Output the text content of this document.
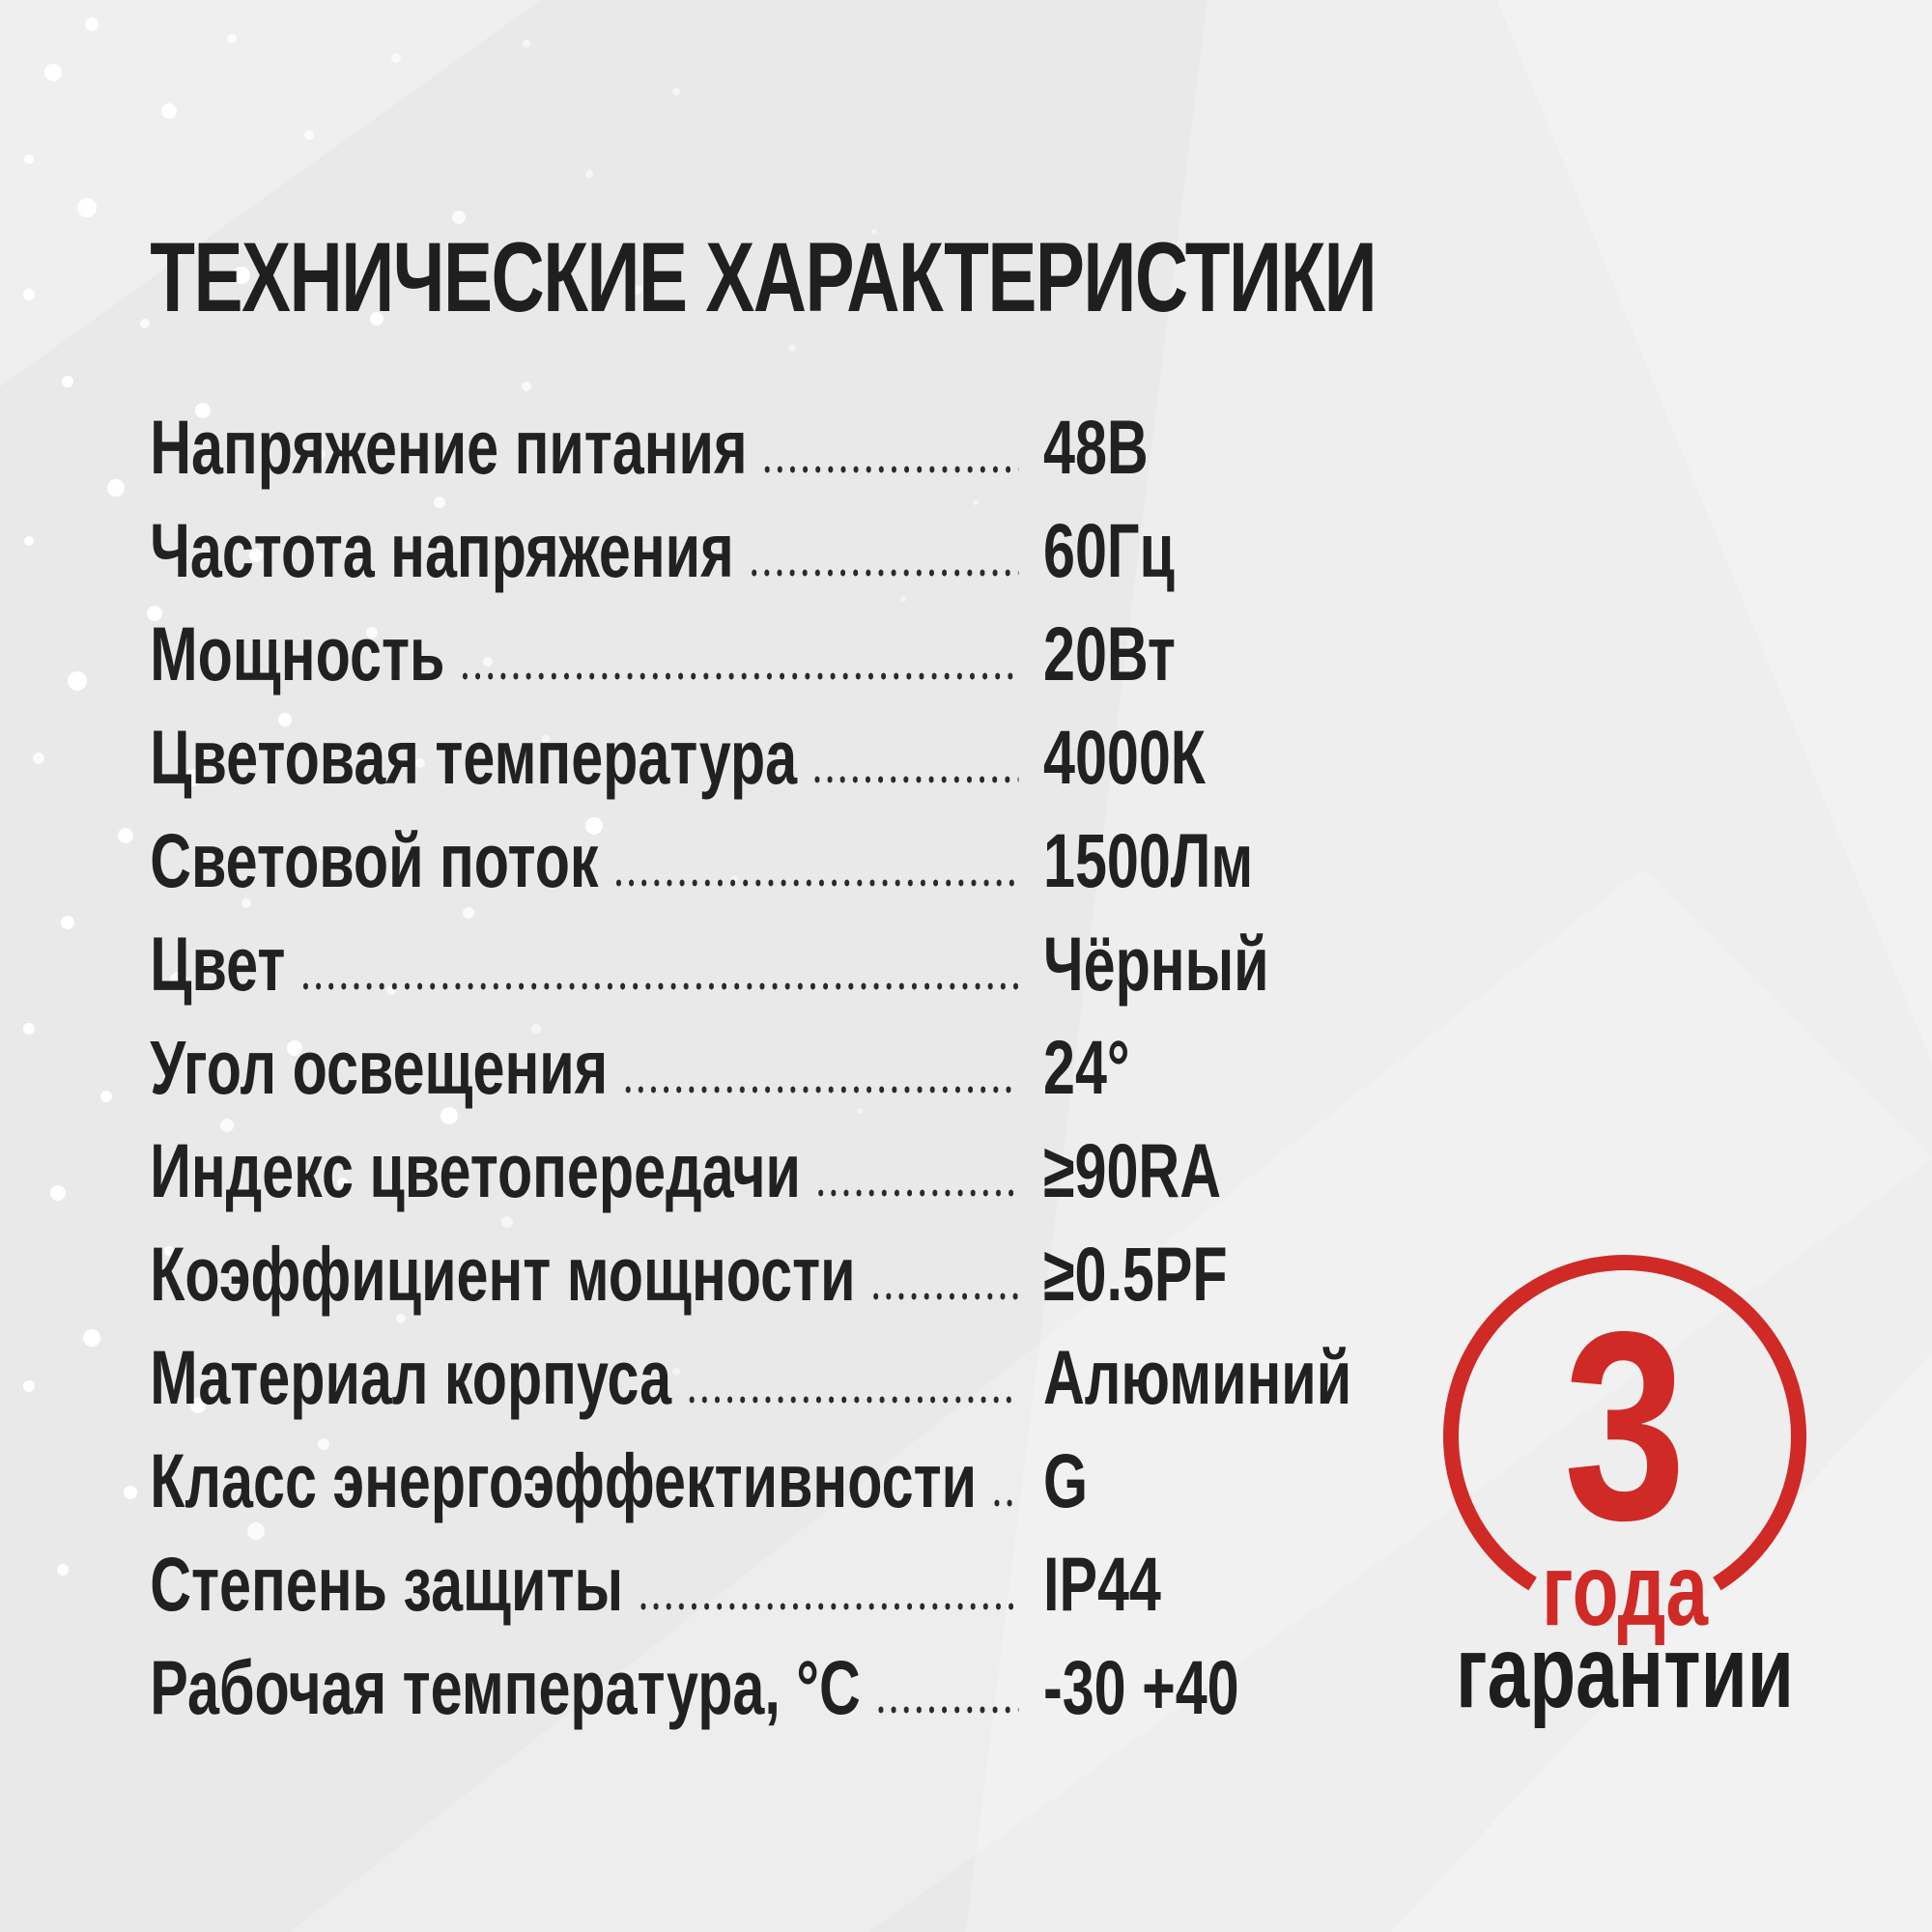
ТЕХНИЧЕСКИЕ ХАРАКТЕРИСТИКИ
Напряжение питания	48В
Частота напряжения	60Гц
Мощность	20Вт
Цветовая температура	4000К
Световой поток	1500Лм
Цвет	Чёрный
Угол освещения	24°
Индекс цветопередачи	≥90RA
Коэффициент мощности ≥0.5PF
Материал корпуса	Алюминий
Класс энергоэффективности G
Степень защиты	IP44
Рабочая температура, °С -30 +40
3
года
гарантии
